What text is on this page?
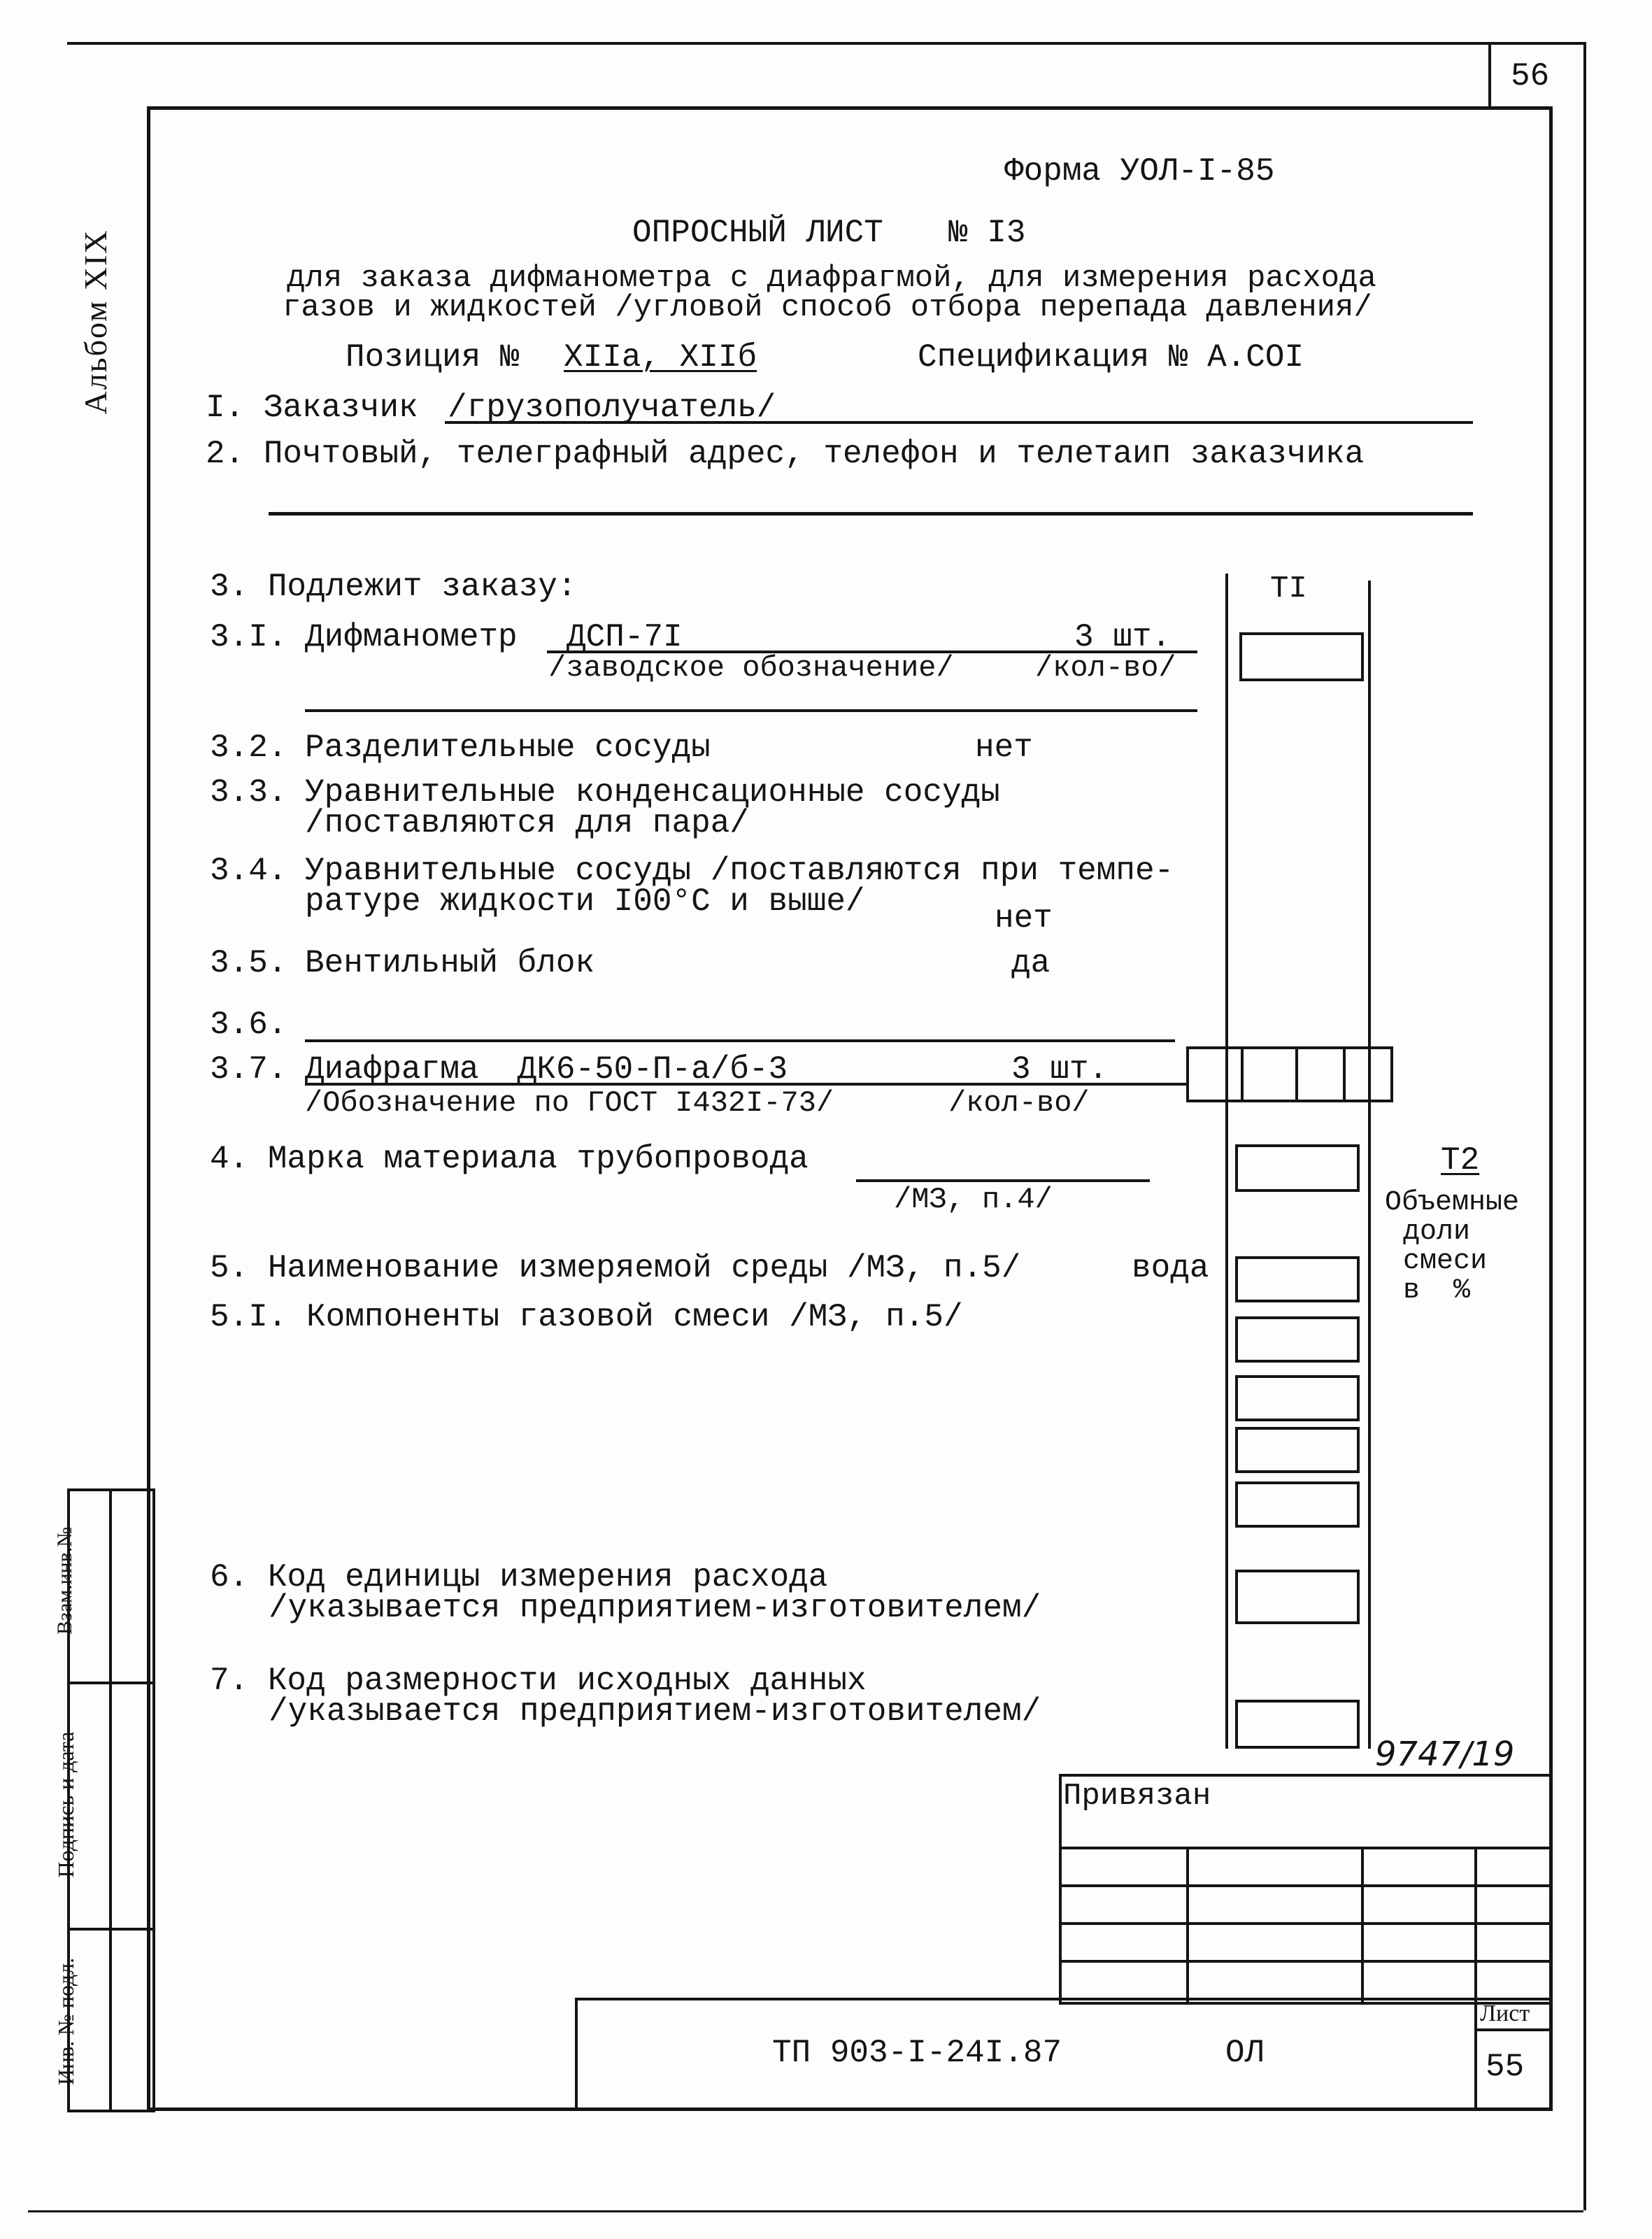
56
Альбом XIX
Взам.инв.№
Подпись и дата
Инв. № подл.
Форма УОЛ-I-85
ОПРОСНЫЙ ЛИСТ № I3
для заказа дифманометра с диафрагмой, для измерения расхода
газов и жидкостей /угловой способ отбора перепада давления/
Позиция № XIIа, XIIб	Спецификация № А.СОI
I. Заказчик /грузополучатель/
2. Почтовый, телеграфный адрес, телефон и телетаип заказчика
TI
3. Подлежит заказу:
3.I. Дифманометр ДСП-7I	3 шт.
/заводское обозначение/	/кол-во/
3.2. Разделительные сосуды	нет
3.3. Уравнительные конденсационные сосуды
/поставляются для пара/
3.4. Уравнительные сосуды /поставляются при темпе-
ратуре жидкости I00°С и выше/	нет
3.5. Вентильный блок	да
3.6.
3.7. Диафрагма  ДК6-50-П-а/б-3	3 шт.
/Обозначение по ГОСТ I432I-73/	/кол-во/
4. Марка материала трубопровода
/МЗ, п.4/
Т2
Объемные
доли
смеси
в  %
5. Наименование измеряемой среды /МЗ, п.5/	вода
5.I. Компоненты газовой смеси /МЗ, п.5/
6. Код единицы измерения расхода
/указывается предприятием-изготовителем/
7. Код размерности исходных данных
/указывается предприятием-изготовителем/
9747/19
Привязан
ТП 903-I-24I.87	ОЛ
Лист
55
